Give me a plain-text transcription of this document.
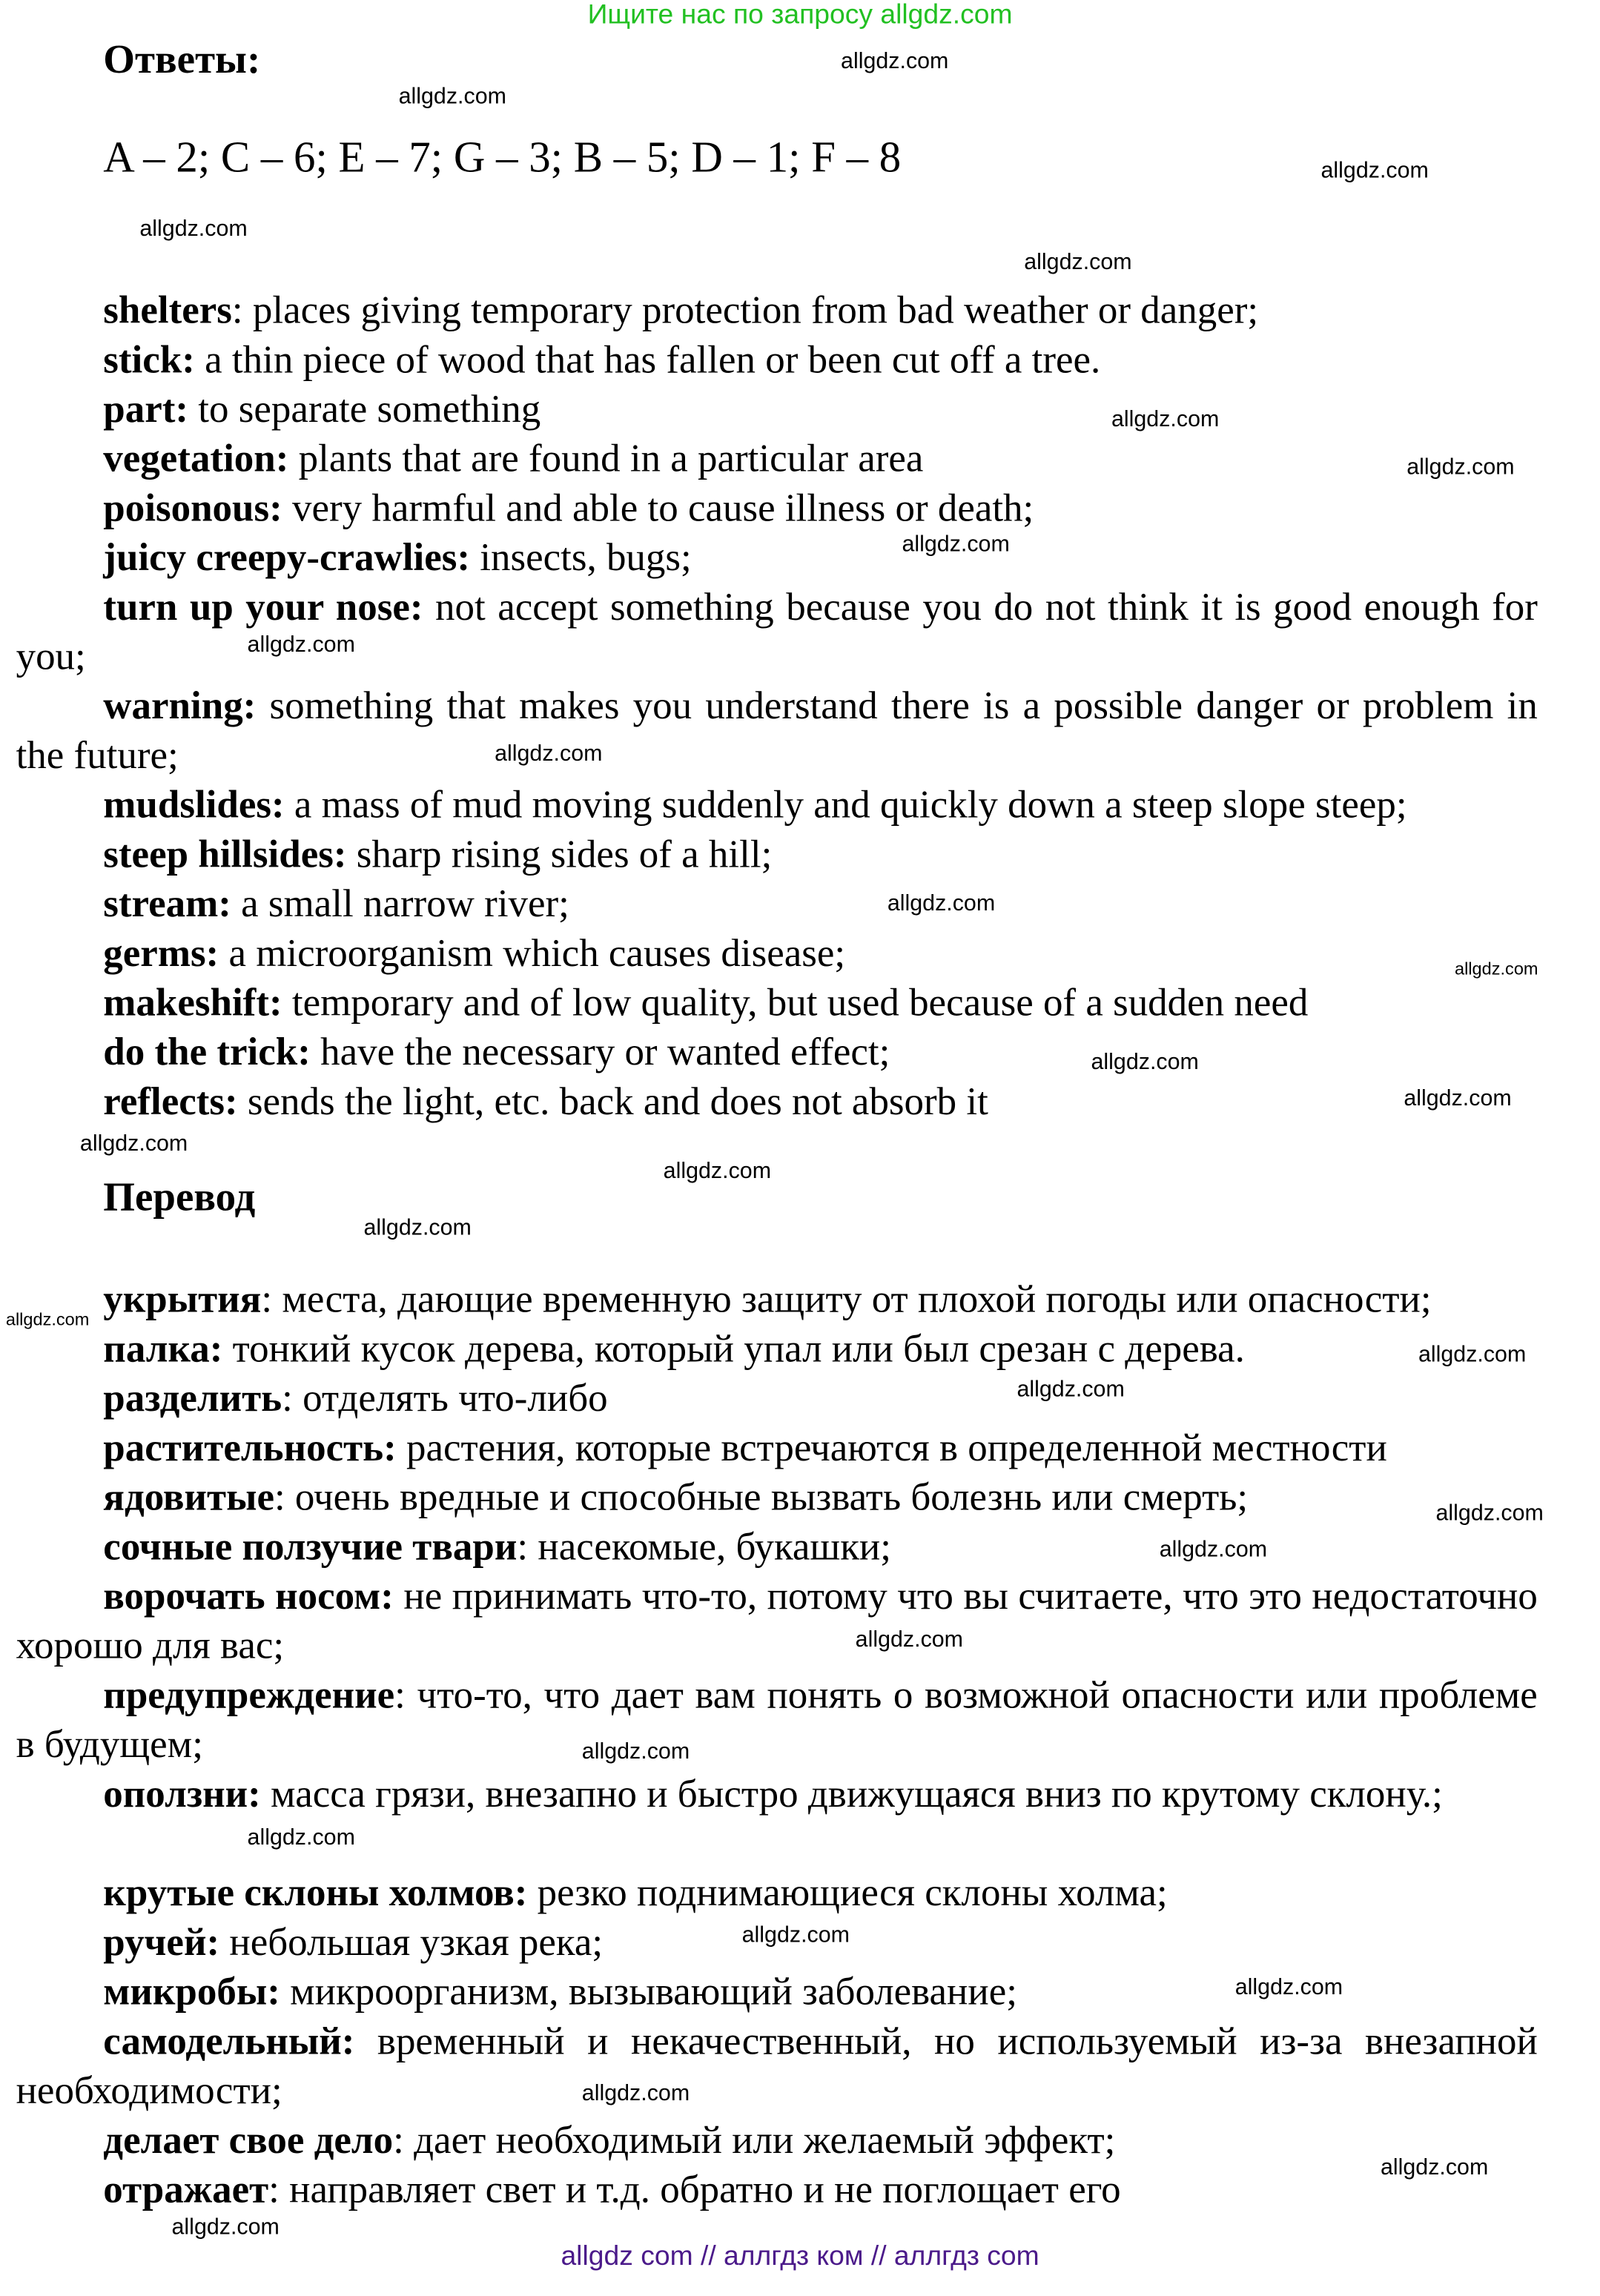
Ищите нас по запросу allgdz.com
Ответы:
A – 2; C – 6; E – 7; G – 3; B – 5; D – 1; F – 8
shelters: places giving temporary protection from bad weather or danger;
stick: a thin piece of wood that has fallen or been cut off a tree.
part: to separate something
vegetation: plants that are found in a particular area
poisonous: very harmful and able to cause illness or death;
juicy creepy-crawlies: insects, bugs;
turn up your nose: not accept something because you do not think it is good enough for you;
warning: something that makes you understand there is a possible danger or problem in the future;
mudslides: a mass of mud moving suddenly and quickly down a steep slope steep;
steep hillsides: sharp rising sides of a hill;
stream: a small narrow river;
germs: a microorganism which causes disease;
makeshift: temporary and of low quality, but used because of a sudden need
do the trick: have the necessary or wanted effect;
reflects: sends the light, etc. back and does not absorb it
Перевод
укрытия: места, дающие временную защиту от плохой погоды или опасности;
палка: тонкий кусок дерева, который упал или был срезан с дерева.
разделить: отделять что-либо
растительность: растения, которые встречаются в определенной местности
ядовитые: очень вредные и способные вызвать болезнь или смерть;
сочные ползучие твари: насекомые, букашки;
ворочать носом: не принимать что-то, потому что вы считаете, что это недостаточно хорошо для вас;
предупреждение: что-то, что дает вам понять о возможной опасности или проблеме в будущем;
оползни: масса грязи, внезапно и быстро движущаяся вниз по крутому склону.;
крутые склоны холмов: резко поднимающиеся склоны холма;
ручей: небольшая узкая река;
микробы: микроорганизм, вызывающий заболевание;
самодельный: временный и некачественный, но используемый из-за внезапной необходимости;
делает свое дело: дает необходимый или желаемый эффект;
отражает: направляет свет и т.д. обратно и не поглощает его
allgdz.com
allgdz.com
allgdz.com
allgdz.com
allgdz.com
allgdz.com
allgdz.com
allgdz.com
allgdz.com
allgdz.com
allgdz.com
allgdz.com
allgdz.com
allgdz.com
allgdz.com
allgdz.com
allgdz.com
allgdz.com
allgdz.com
allgdz.com
allgdz.com
allgdz.com
allgdz.com
allgdz.com
allgdz.com
allgdz.com
allgdz.com
allgdz.com
allgdz.com
allgdz.com
allgdz com // аллгдз ком // аллгдз com
